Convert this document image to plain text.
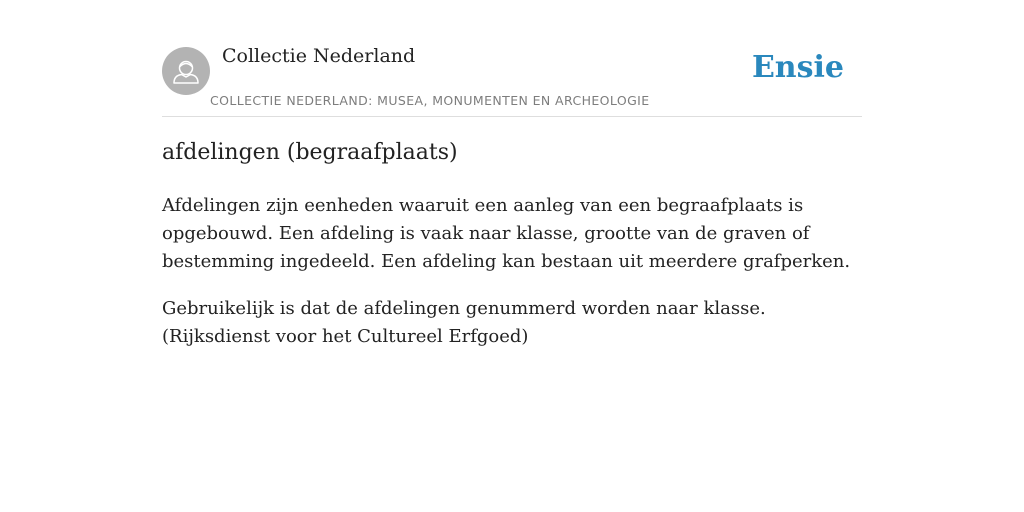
Collectie Nederland
COLLECTIE NEDERLAND: MUSEA, MONUMENTEN EN ARCHEOLOGIE
Ensie
afdelingen (begraafplaats)

Afdelingen zijn eenheden waaruit een aanleg van een begraafplaats is opgebouwd. Een afdeling is vaak naar klasse, grootte van de graven of bestemming ingedeeld. Een afdeling kan bestaan uit meerdere grafperken.

Gebruikelijk is dat de afdelingen genummerd worden naar klasse. (Rijksdienst voor het Cultureel Erfgoed)
